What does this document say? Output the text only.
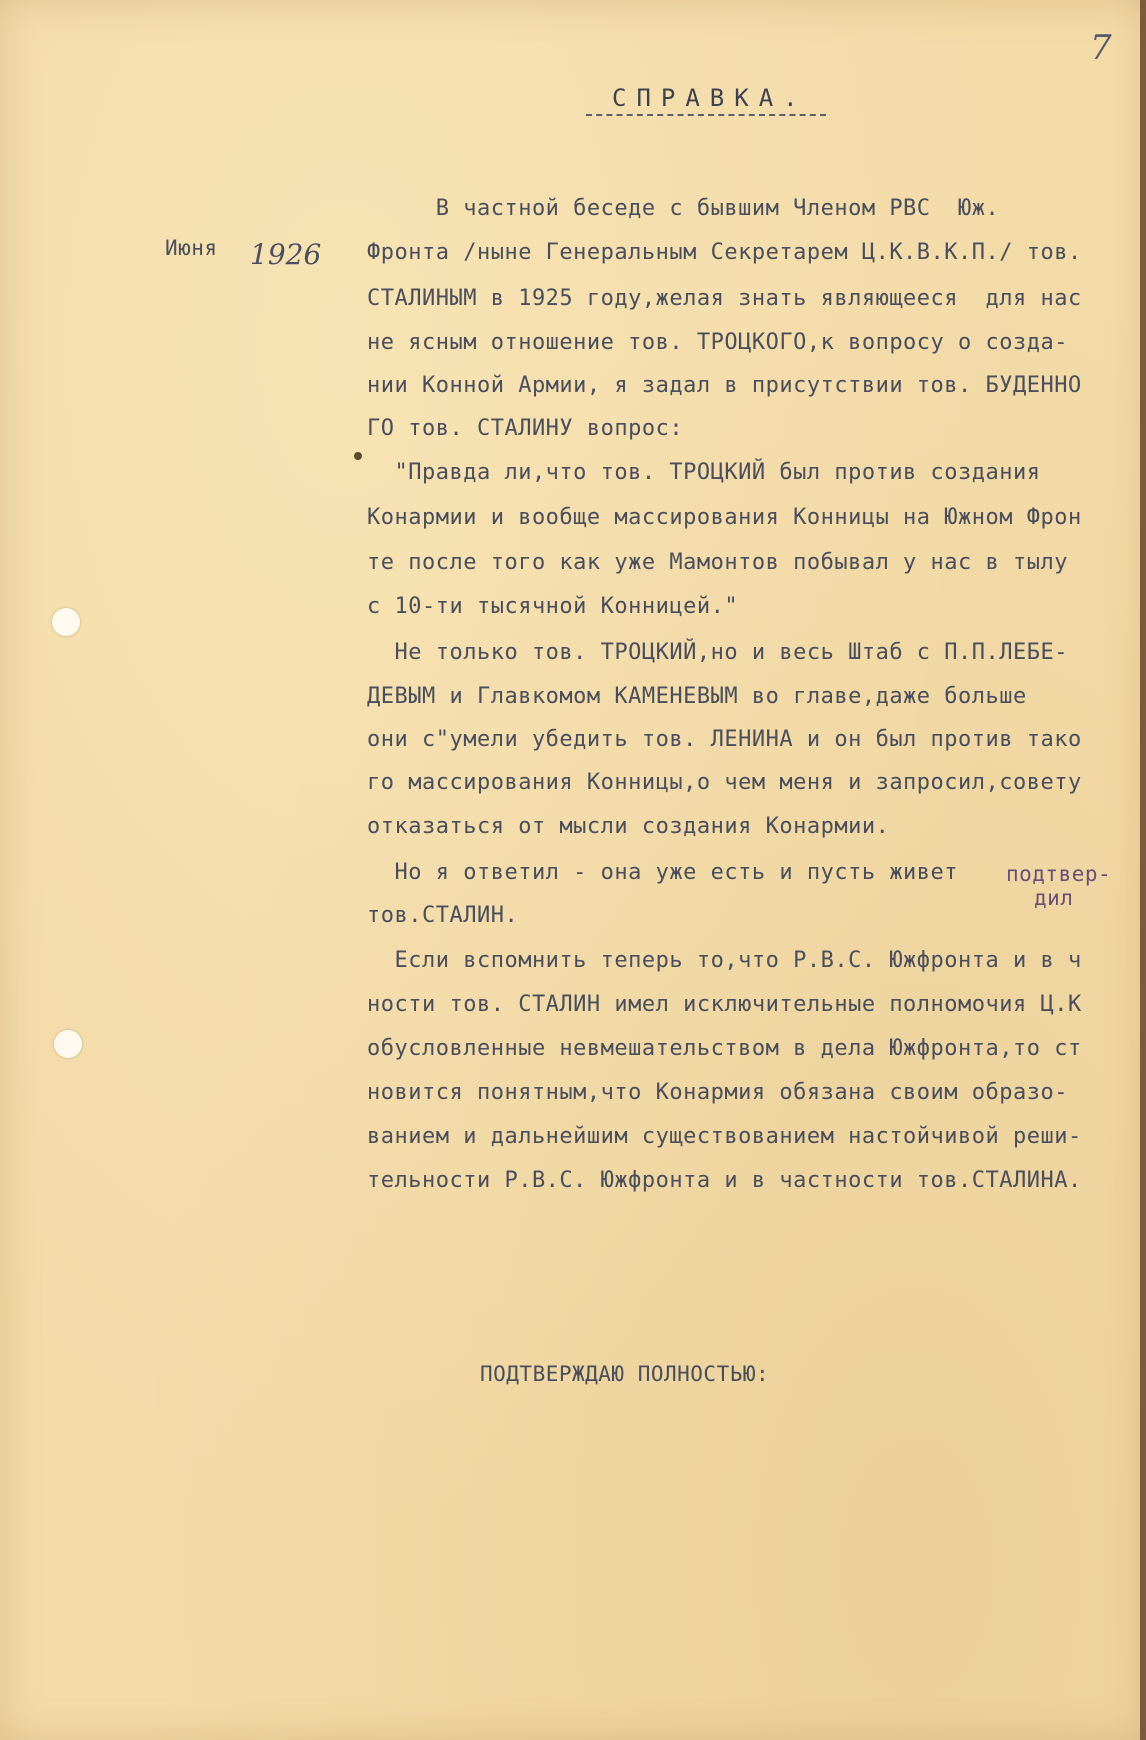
7
СПРАВКА.
Июня 1926
В частной беседе с бывшим Членом РВС  Юж.
Фронта /ныне Генеральным Секретарем Ц.К.В.К.П./ тов.
СТАЛИНЫМ в 1925 году,желая знать являющееся  для нас
не ясным отношение тов. ТРОЦКОГО,к вопросу о созда-
нии Конной Армии, я задал в присутствии тов. БУДЕННО
ГО тов. СТАЛИНУ вопрос:
"Правда ли,что тов. ТРОЦКИЙ был против создания
Конармии и вообще массирования Конницы на Южном Фрон
те после того как уже Мамонтов побывал у нас в тылу
с 10-ти тысячной Конницей."
Не только тов. ТРОЦКИЙ,но и весь Штаб с П.П.ЛЕБЕ-
ДЕВЫМ и Главкомом КАМЕНЕВЫМ во главе,даже больше
они с"умели убедить тов. ЛЕНИНА и он был против тако
го массирования Конницы,о чем меня и запросил,совету
отказаться от мысли создания Конармии.
Но я ответил - она уже есть и пусть живет
тов.СТАЛИН.
Если вспомнить теперь то,что Р.В.С. Южфронта и в ч
ности тов. СТАЛИН имел исключительные полномочия Ц.К
обусловленные невмешательством в дела Южфронта,то ст
новится понятным,что Конармия обязана своим образо-
ванием и дальнейшим существованием настойчивой реши-
тельности Р.В.С. Южфронта и в частности тов.СТАЛИНА.
подтвер-
дил
ПОДТВЕРЖДАЮ ПОЛНОСТЬЮ:
